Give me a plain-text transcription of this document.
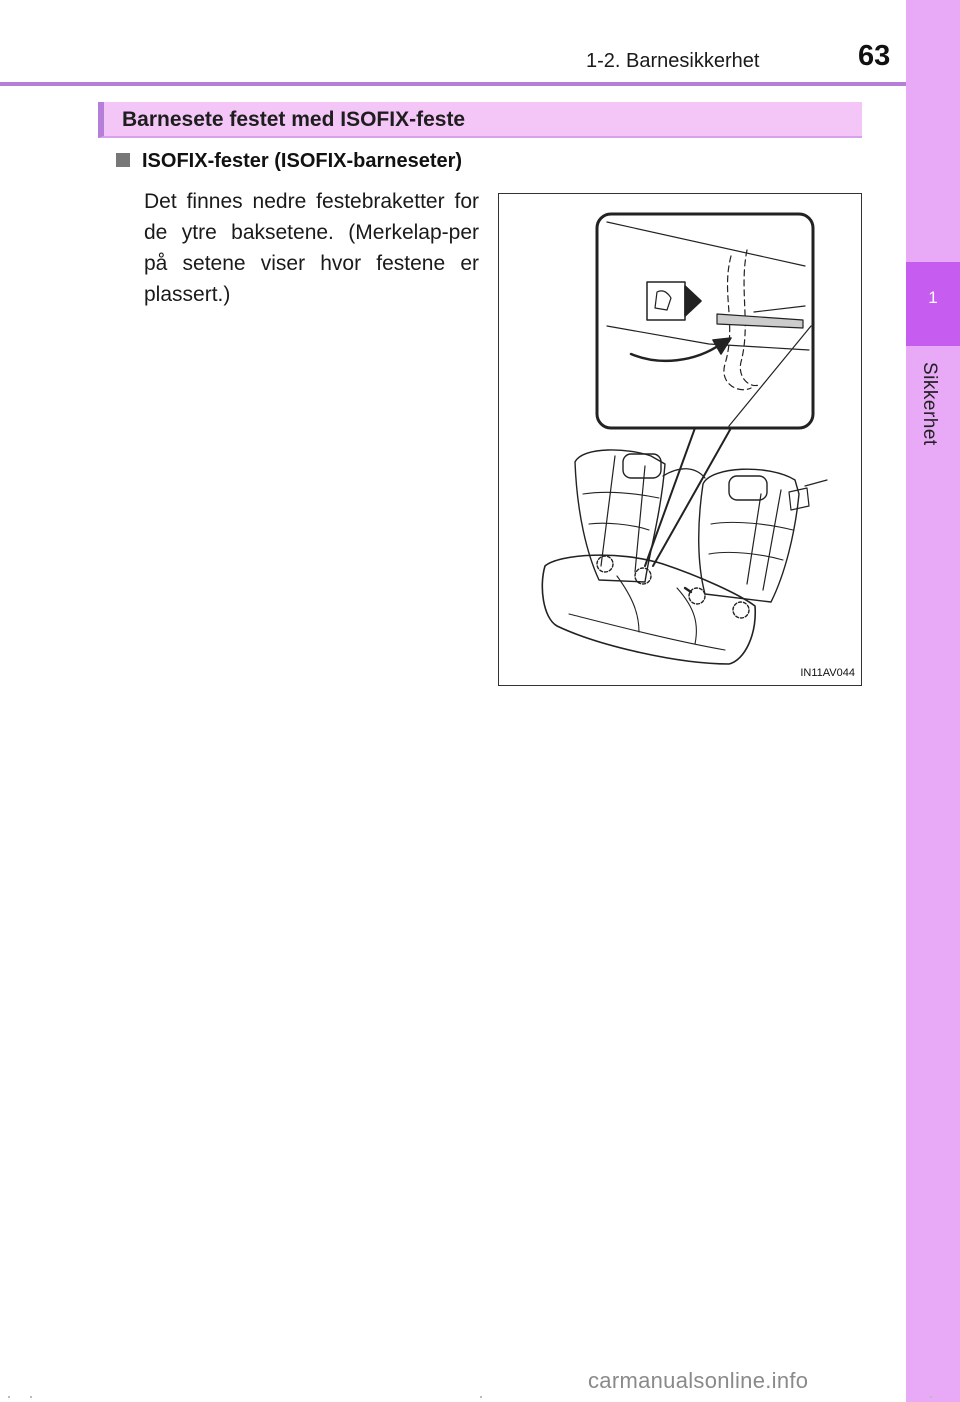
1-2. Barnesikkerhet	63
1
Sikkerhet
Barnesete festet med ISOFIX-feste
ISOFIX-fester (ISOFIX-barneseter)
Det finnes nedre festebraketter for de ytre baksetene. (Merkelap-per på setene viser hvor festene er plassert.)
IN11AV044
carmanualsonline.info
